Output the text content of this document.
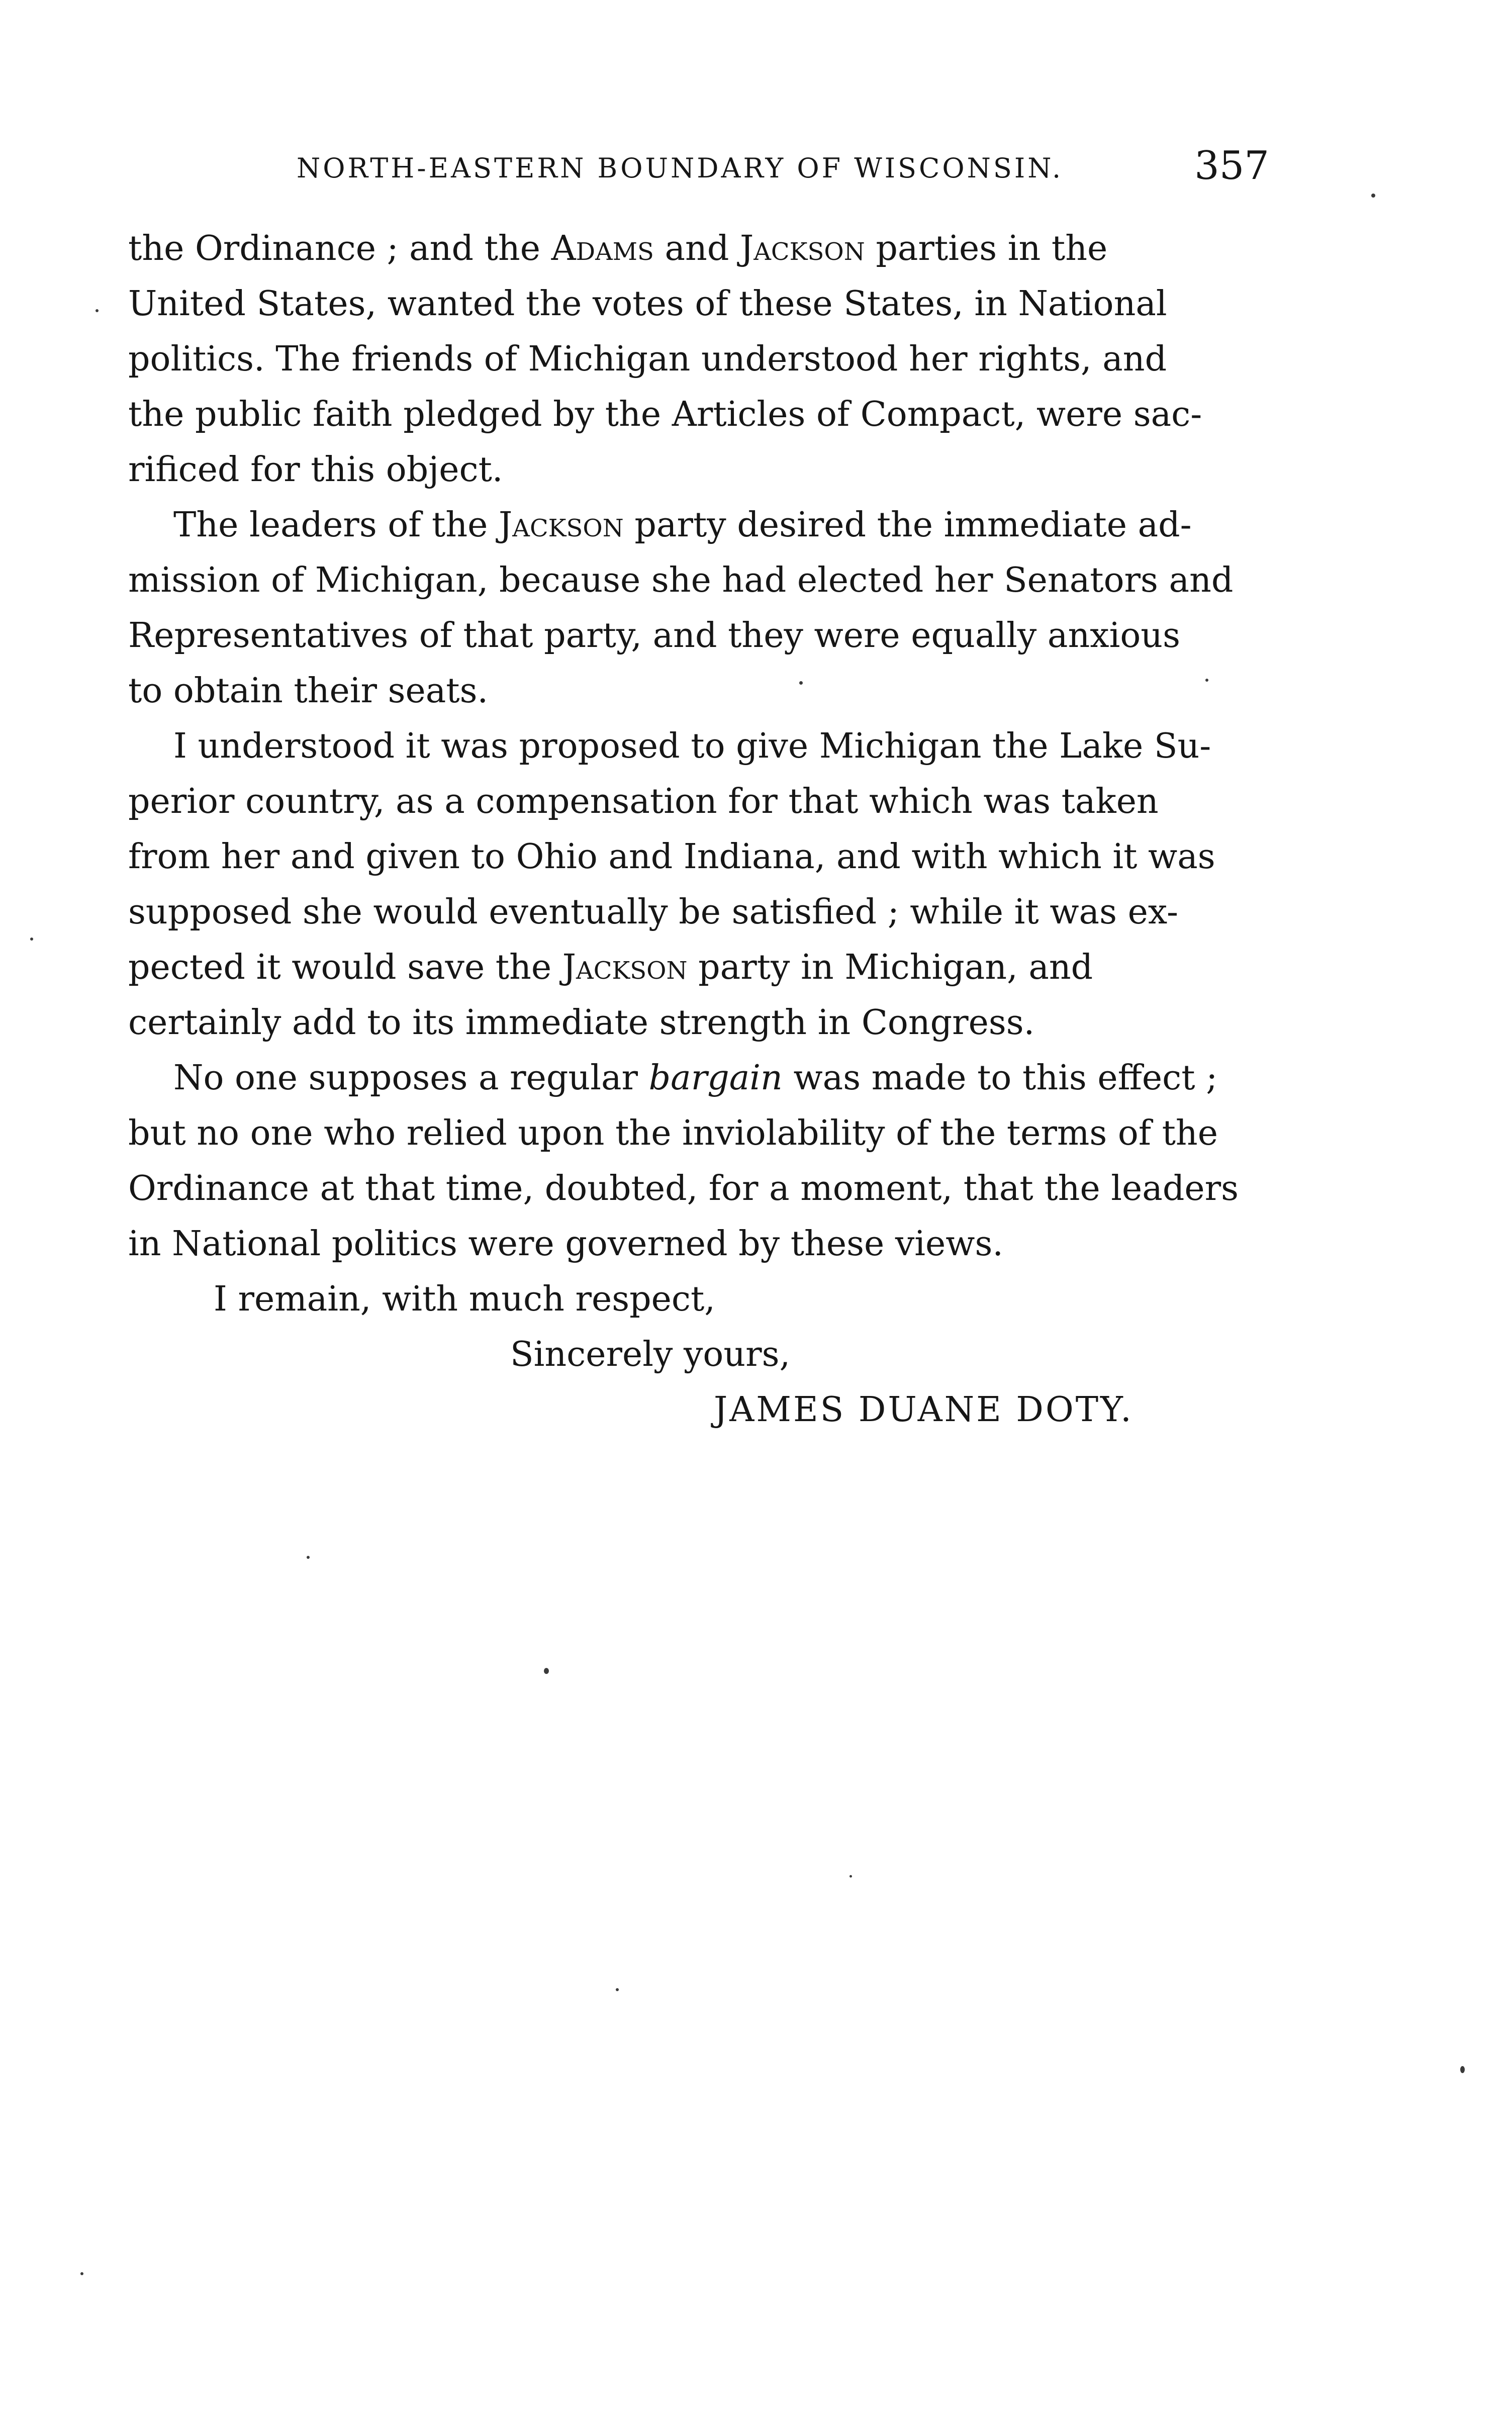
NORTH-EASTERN BOUNDARY OF WISCONSIN.	357
the Ordinance ; and the Adams and Jackson parties in the
United States, wanted the votes of these States, in National
politics. The friends of Michigan understood her rights, and
the public faith pledged by the Articles of Compact, were sac-
rificed for this object.
The leaders of the Jackson party desired the immediate ad-
mission of Michigan, because she had elected her Senators and
Representatives of that party, and they were equally anxious
to obtain their seats.
I understood it was proposed to give Michigan the Lake Su-
perior country, as a compensation for that which was taken
from her and given to Ohio and Indiana, and with which it was
supposed she would eventually be satisfied ; while it was ex-
pected it would save the Jackson party in Michigan, and
certainly add to its immediate strength in Congress.
No one supposes a regular bargain was made to this effect ;
but no one who relied upon the inviolability of the terms of the
Ordinance at that time, doubted, for a moment, that the leaders
in National politics were governed by these views.
I remain, with much respect,
Sincerely yours,
JAMES DUANE DOTY.
